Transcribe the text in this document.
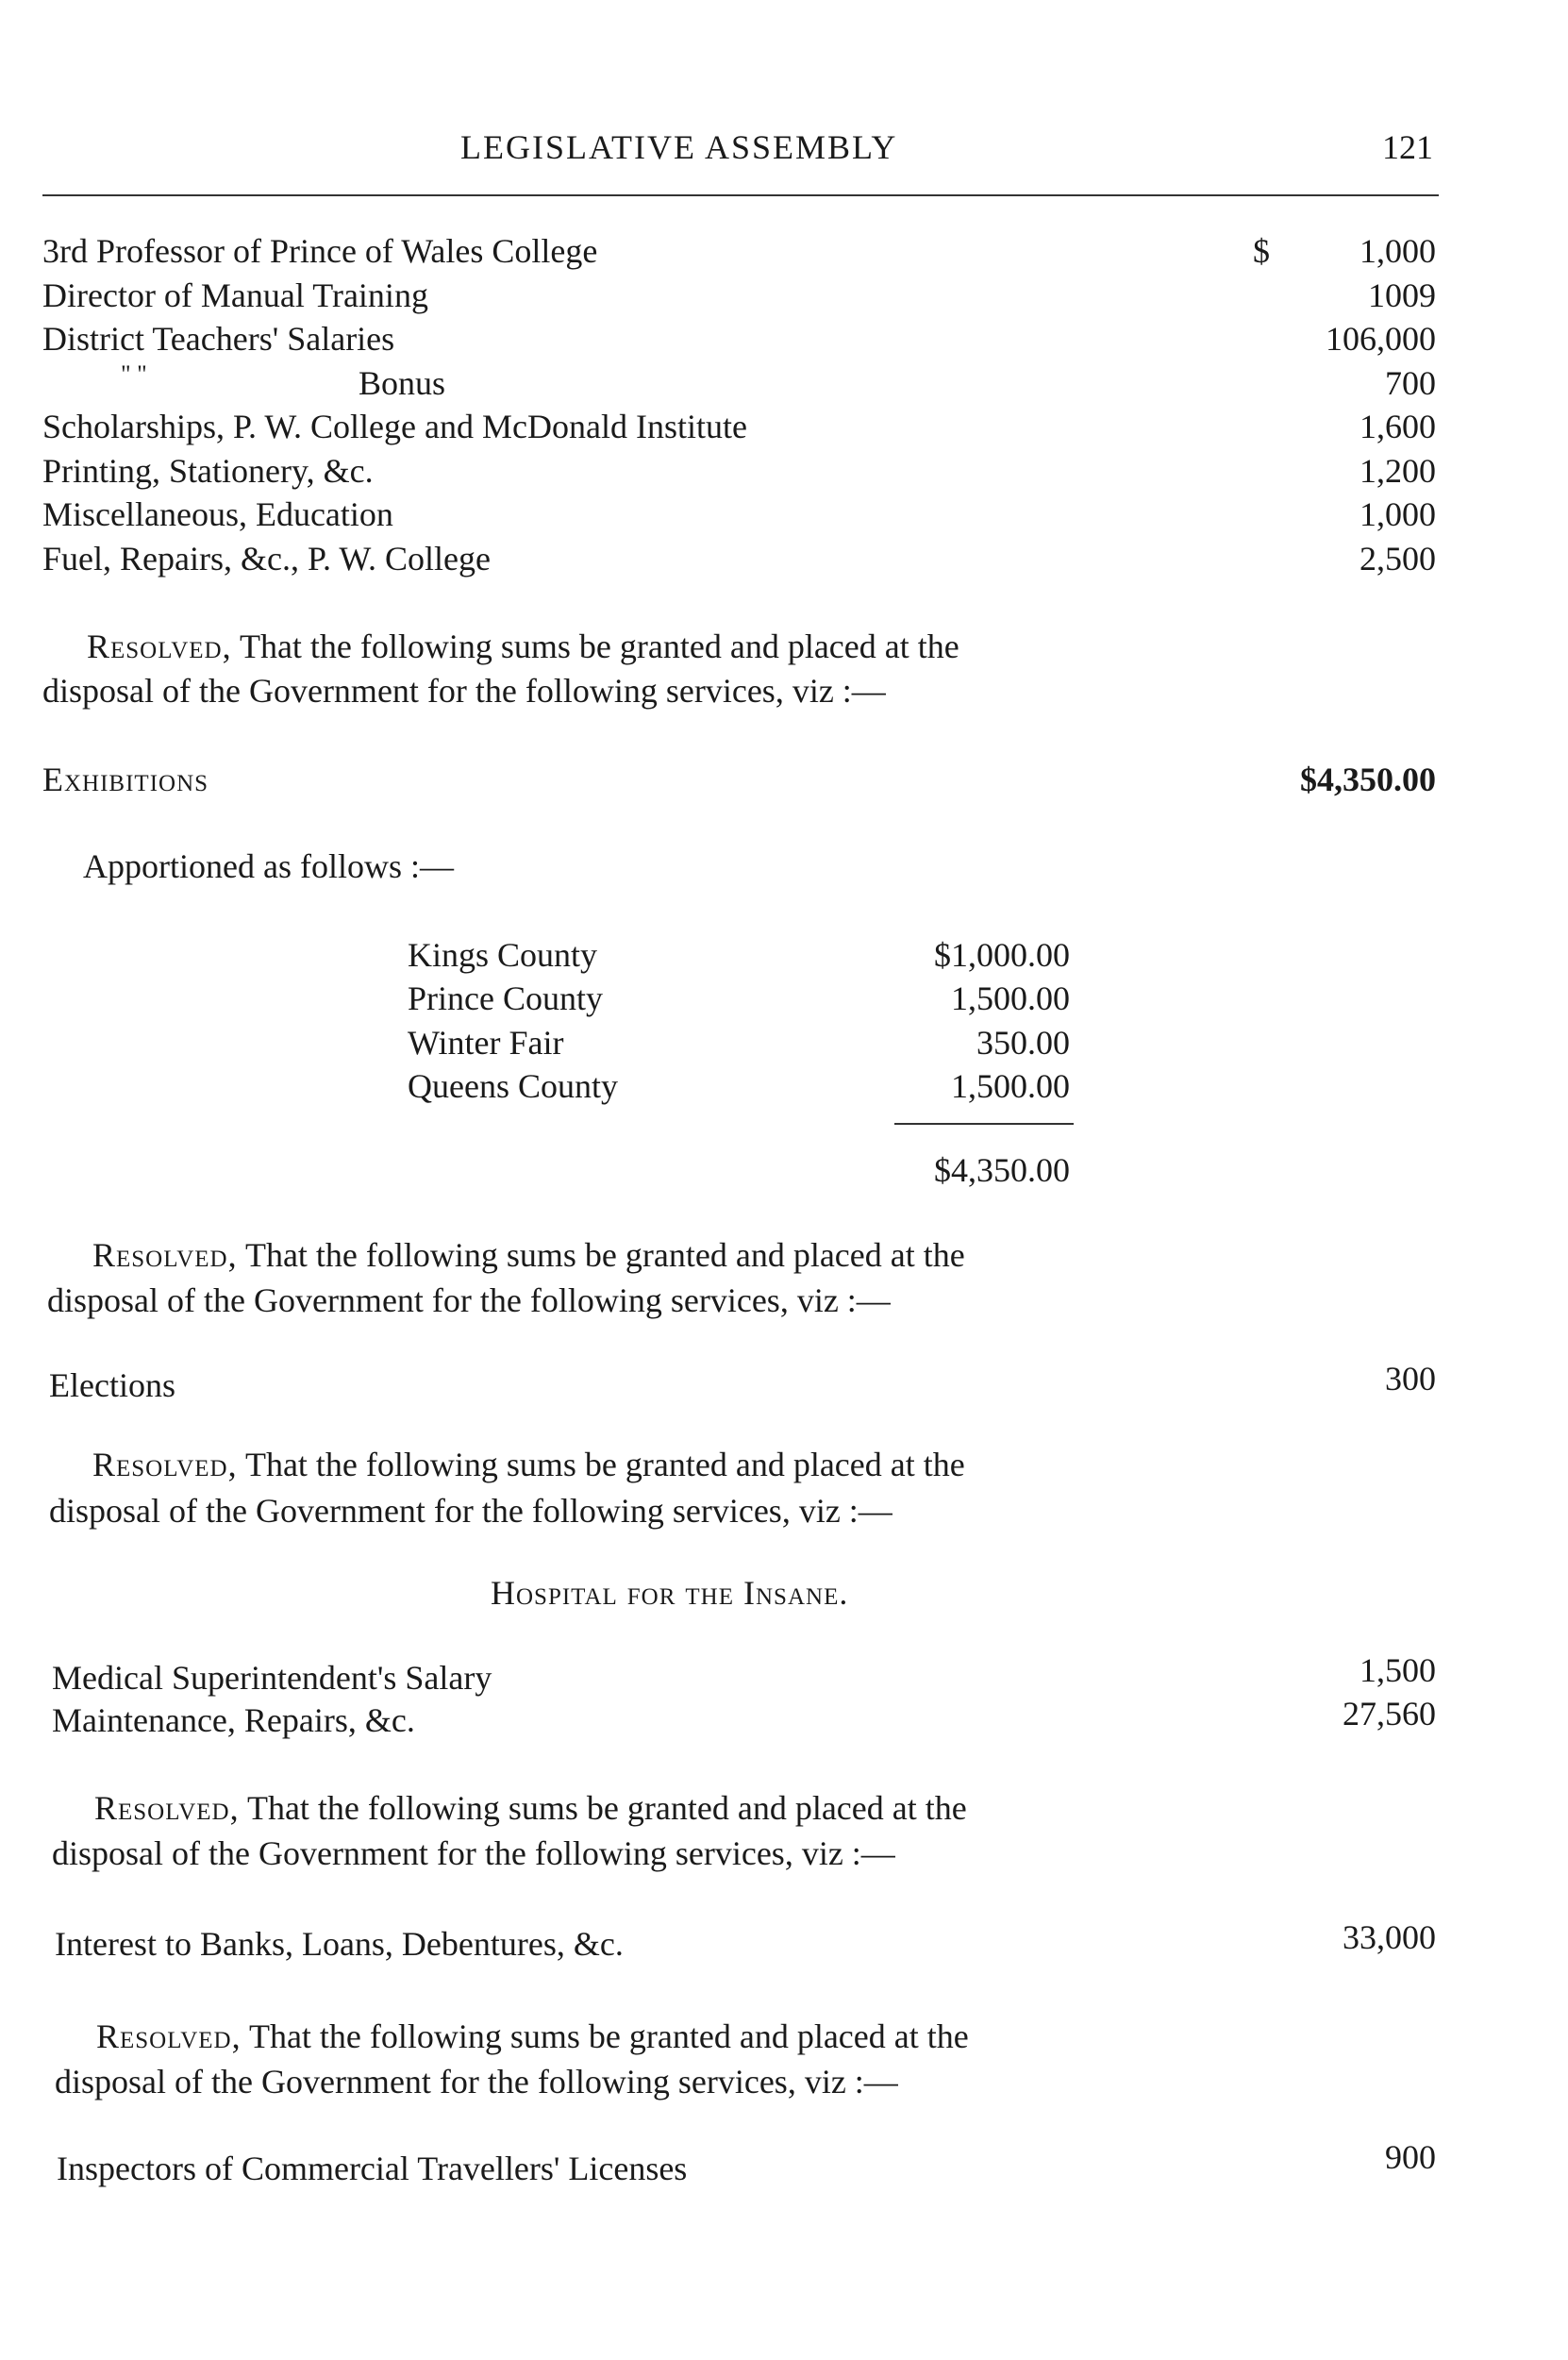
LEGISLATIVE ASSEMBLY	121
3rd Professor of Prince of Wales College	$	1,000
Director of Manual Training	1009
District Teachers' Salaries	106,000
" "	Bonus	700
Scholarships, P. W. College and McDonald Institute	1,600
Printing, Stationery, &c.	1,200
Miscellaneous, Education	1,000
Fuel, Repairs, &c., P. W. College	2,500
Resolved, That the following sums be granted and placed at the
disposal of the Government for the following services, viz :—
Exhibitions	$4,350.00
Apportioned as follows :—
Kings County	$1,000.00
Prince County	1,500.00
Winter Fair	350.00
Queens County	1,500.00
$4,350.00
Resolved, That the following sums be granted and placed at the
disposal of the Government for the following services, viz :—
Elections	300
Resolved, That the following sums be granted and placed at the
disposal of the Government for the following services, viz :—
Hospital for the Insane.
Medical Superintendent's Salary	1,500
Maintenance, Repairs, &c.	27,560
Resolved, That the following sums be granted and placed at the
disposal of the Government for the following services, viz :—
Interest to Banks, Loans, Debentures, &c.	33,000
Resolved, That the following sums be granted and placed at the
disposal of the Government for the following services, viz :—
Inspectors of Commercial Travellers' Licenses	900
